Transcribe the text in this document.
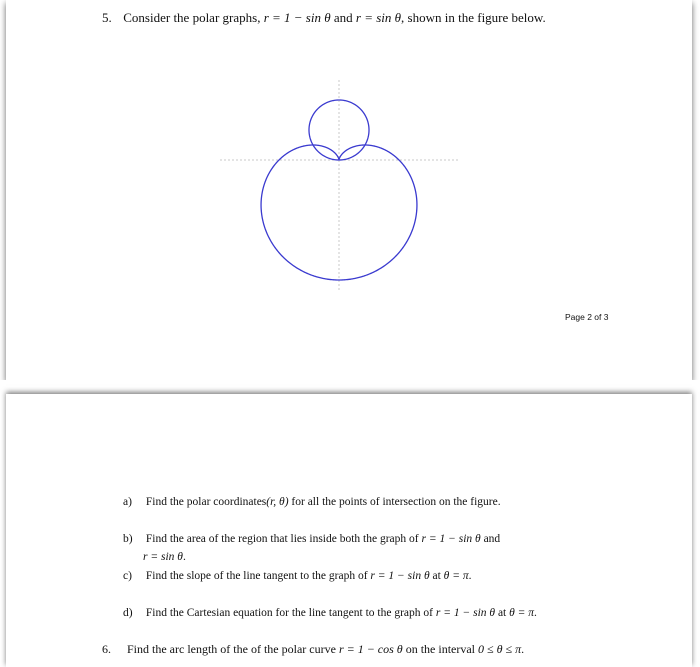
5. Consider the polar graphs, r = 1 − sin θ and r = sin θ, shown in the figure below.
Page 2 of 3
a) Find the polar coordinates(r, θ) for all the points of intersection on the figure.
b) Find the area of the region that lies inside both the graph of r = 1 − sin θ and
r = sin θ.
c) Find the slope of the line tangent to the graph of r = 1 − sin θ at θ = π.
d) Find the Cartesian equation for the line tangent to the graph of r = 1 − sin θ at θ = π.
6. Find the arc length of the of the polar curve r = 1 − cos θ on the interval 0 ≤ θ ≤ π.
